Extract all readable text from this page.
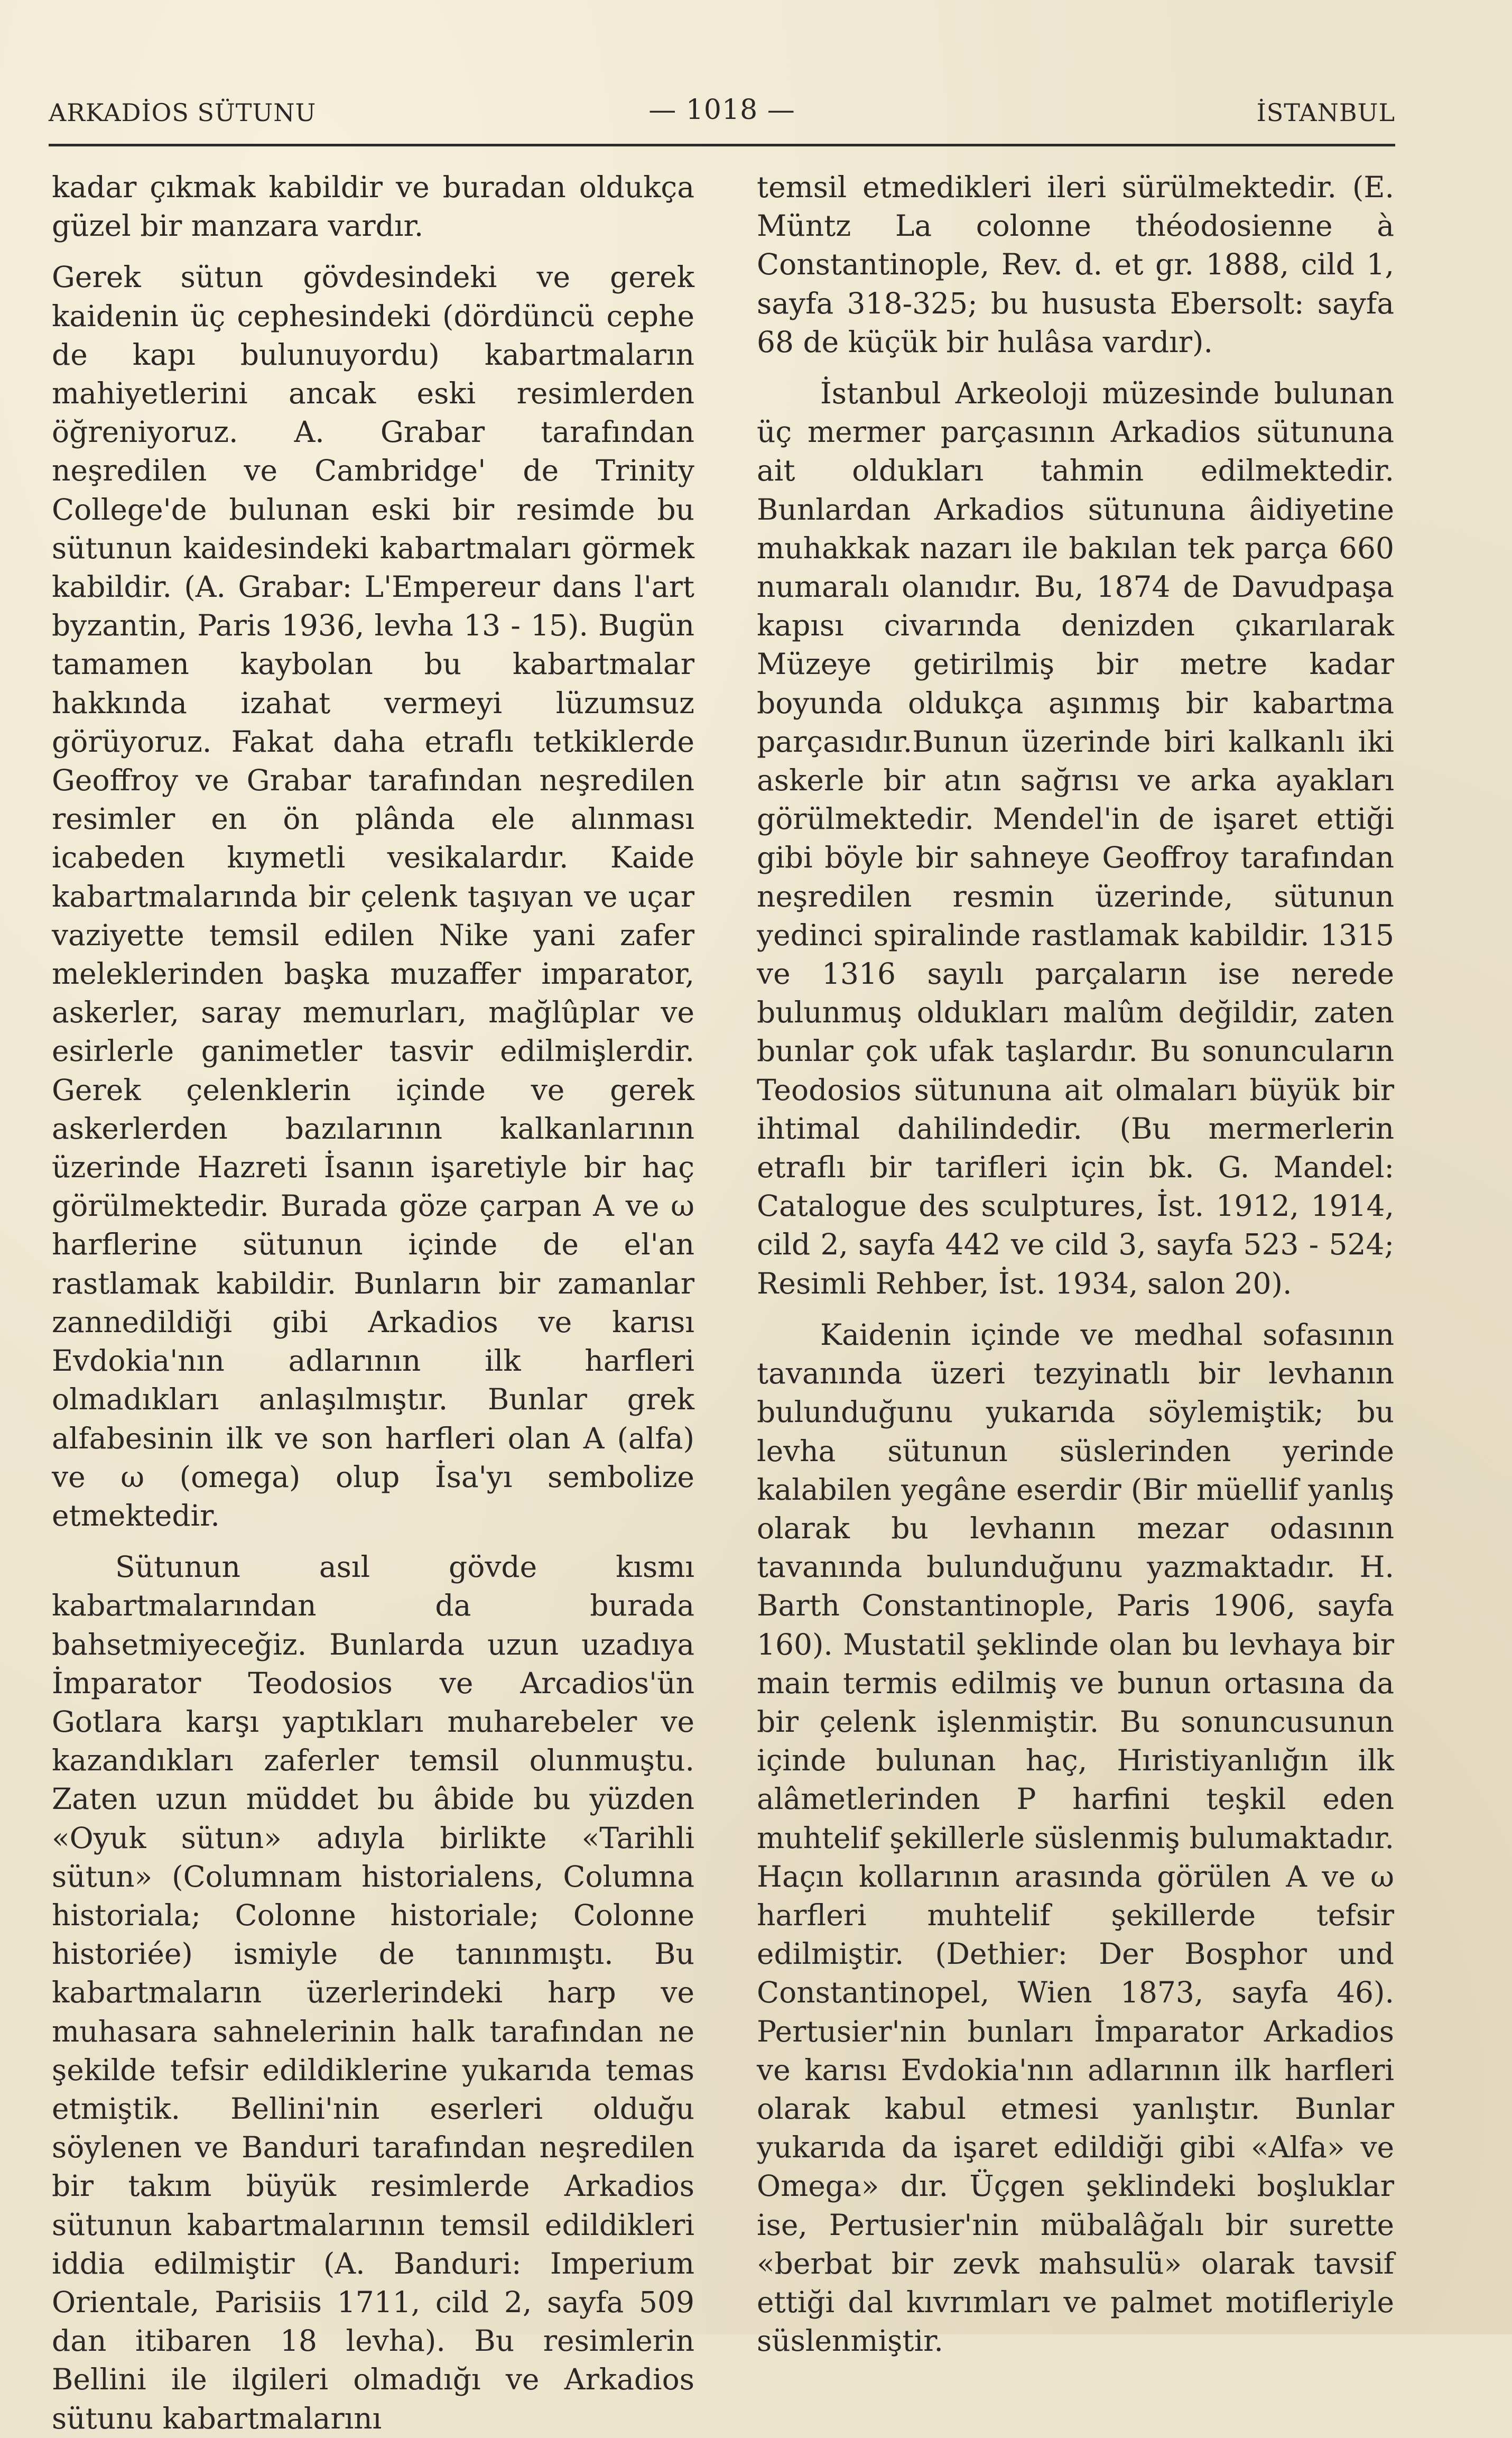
ARKADİOS SÜTUNU	— 1018 —	İSTANBUL

kadar çıkmak kabildir ve buradan oldukça güzel bir manzara vardır.

Gerek sütun gövdesindeki ve gerek kaidenin üç cephesindeki (dördüncü cephe de kapı bulunuyordu) kabartmaların mahiyetlerini ancak eski resimlerden öğreniyoruz. A. Grabar tarafından neşredilen ve Cambridge' de Trinity College'de bulunan eski bir resimde bu sütunun kaidesindeki kabartmaları görmek kabildir. (A. Grabar: L'Empereur dans l'art byzantin, Paris 1936, levha 13 - 15). Bugün tamamen kaybolan bu kabartmalar hakkında izahat vermeyi lüzumsuz görüyoruz. Fakat daha etraflı tetkiklerde Geoffroy ve Grabar tarafından neşredilen resimler en ön plânda ele alınması icabeden kıymetli vesikalardır. Kaide kabartmalarında bir çelenk taşıyan ve uçar vaziyette temsil edilen Nike yani zafer meleklerinden başka muzaffer imparator, askerler, saray memurları, mağlûplar ve esirlerle ganimetler tasvir edilmişlerdir. Gerek çelenklerin içinde ve gerek askerlerden bazılarının kalkanlarının üzerinde Hazreti İsanın işaretiyle bir haç görülmektedir. Burada göze çarpan A ve ω harflerine sütunun içinde de el'an rastlamak kabildir. Bunların bir zamanlar zannedildiği gibi Arkadios ve karısı Evdokia'nın adlarının ilk harfleri olmadıkları anlaşılmıştır. Bunlar grek alfabesinin ilk ve son harfleri olan A (alfa) ve ω (omega) olup İsa'yı sembolize etmektedir.

Sütunun asıl gövde kısmı kabartmalarından da burada bahsetmiyeceğiz. Bunlarda uzun uzadıya İmparator Teodosios ve Arcadios'ün Gotlara karşı yaptıkları muharebeler ve kazandıkları zaferler temsil olunmuştu. Zaten uzun müddet bu âbide bu yüzden «Oyuk sütun» adıyla birlikte «Tarihli sütun» (Columnam historialens, Columna historiala; Colonne historiale; Colonne historiée) ismiyle de tanınmıştı. Bu kabartmaların üzerlerindeki harp ve muhasara sahnelerinin halk tarafından ne şekilde tefsir edildiklerine yukarıda temas etmiştik. Bellini'nin eserleri olduğu söylenen ve Banduri tarafından neşredilen bir takım büyük resimlerde Arkadios sütunun kabartmalarının temsil edildikleri iddia edilmiştir (A. Banduri: Imperium Orientale, Parisiis 1711, cild 2, sayfa 509 dan itibaren 18 levha). Bu resimlerin Bellini ile ilgileri olmadığı ve Arkadios sütunu kabartmalarını

temsil etmedikleri ileri sürülmektedir. (E. Müntz La colonne théodosienne à Constantinople, Rev. d. et gr. 1888, cild 1, sayfa 318-325; bu hususta Ebersolt: sayfa 68 de küçük bir hulâsa vardır).

İstanbul Arkeoloji müzesinde bulunan üç mermer parçasının Arkadios sütununa ait oldukları tahmin edilmektedir. Bunlardan Arkadios sütununa âidiyetine muhakkak nazarı ile bakılan tek parça 660 numaralı olanıdır. Bu, 1874 de Davudpaşa kapısı civarında denizden çıkarılarak Müzeye getirilmiş bir metre kadar boyunda oldukça aşınmış bir kabartma parçasıdır.Bunun üzerinde biri kalkanlı iki askerle bir atın sağrısı ve arka ayakları görülmektedir. Mendel'in de işaret ettiği gibi böyle bir sahneye Geoffroy tarafından neşredilen resmin üzerinde, sütunun yedinci spiralinde rastlamak kabildir. 1315 ve 1316 sayılı parçaların ise nerede bulunmuş oldukları malûm değildir, zaten bunlar çok ufak taşlardır. Bu sonuncuların Teodosios sütununa ait olmaları büyük bir ihtimal dahilindedir. (Bu mermerlerin etraflı bir tarifleri için bk. G. Mandel: Catalogue des sculptures, İst. 1912, 1914, cild 2, sayfa 442 ve cild 3, sayfa 523 - 524; Resimli Rehber, İst. 1934, salon 20).

Kaidenin içinde ve medhal sofasının tavanında üzeri tezyinatlı bir levhanın bulunduğunu yukarıda söylemiştik; bu levha sütunun süslerinden yerinde kalabilen yegâne eserdir (Bir müellif yanlış olarak bu levhanın mezar odasının tavanında bulunduğunu yazmaktadır. H. Barth Constantinople, Paris 1906, sayfa 160). Mustatil şeklinde olan bu levhaya bir main termis edilmiş ve bunun ortasına da bir çelenk işlenmiştir. Bu sonuncusunun içinde bulunan haç, Hıristiyanlığın ilk alâmetlerinden P harfini teşkil eden muhtelif şekillerle süslenmiş bulumaktadır. Haçın kollarının arasında görülen A ve ω harfleri muhtelif şekillerde tefsir edilmiştir. (Dethier: Der Bosphor und Constantinopel, Wien 1873, sayfa 46). Pertusier'nin bunları İmparator Arkadios ve karısı Evdokia'nın adlarının ilk harfleri olarak kabul etmesi yanlıştır. Bunlar yukarıda da işaret edildiği gibi «Alfa» ve Omega» dır. Üçgen şeklindeki boşluklar ise, Pertusier'nin mübalâğalı bir surette «berbat bir zevk mahsulü» olarak tavsif ettiği dal kıvrımları ve palmet motifleriyle süslenmiştir.
